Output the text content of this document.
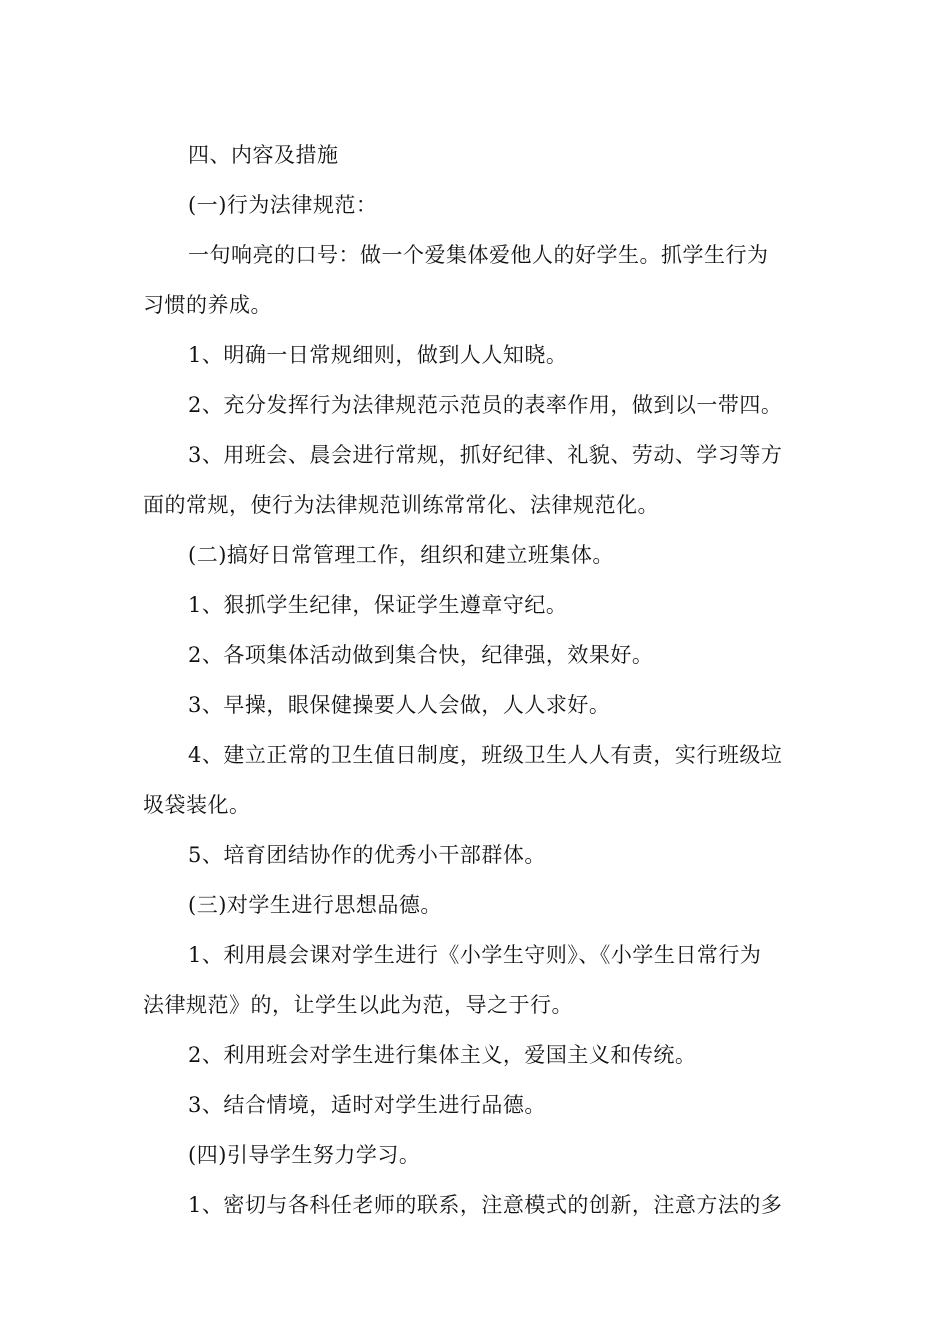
四、内容及措施

(一)行为法律规范：

一句响亮的口号：做一个爱集体爱他人的好学生。抓学生行为

习惯的养成。

1、明确一日常规细则，做到人人知晓。

2、充分发挥行为法律规范示范员的表率作用，做到以一带四。

3、用班会、晨会进行常规，抓好纪律、礼貌、劳动、学习等方

面的常规，使行为法律规范训练常常化、法律规范化。

(二)搞好日常管理工作，组织和建立班集体。

1、狠抓学生纪律，保证学生遵章守纪。

2、各项集体活动做到集合快，纪律强，效果好。

3、早操，眼保健操要人人会做，人人求好。

4、建立正常的卫生值日制度，班级卫生人人有责，实行班级垃

圾袋装化。

5、培育团结协作的优秀小干部群体。

(三)对学生进行思想品德。

1、利用晨会课对学生进行《小学生守则》、《小学生日常行为

法律规范》的，让学生以此为范，导之于行。

2、利用班会对学生进行集体主义，爱国主义和传统。

3、结合情境，适时对学生进行品德。

(四)引导学生努力学习。

1、密切与各科任老师的联系，注意模式的创新，注意方法的多
